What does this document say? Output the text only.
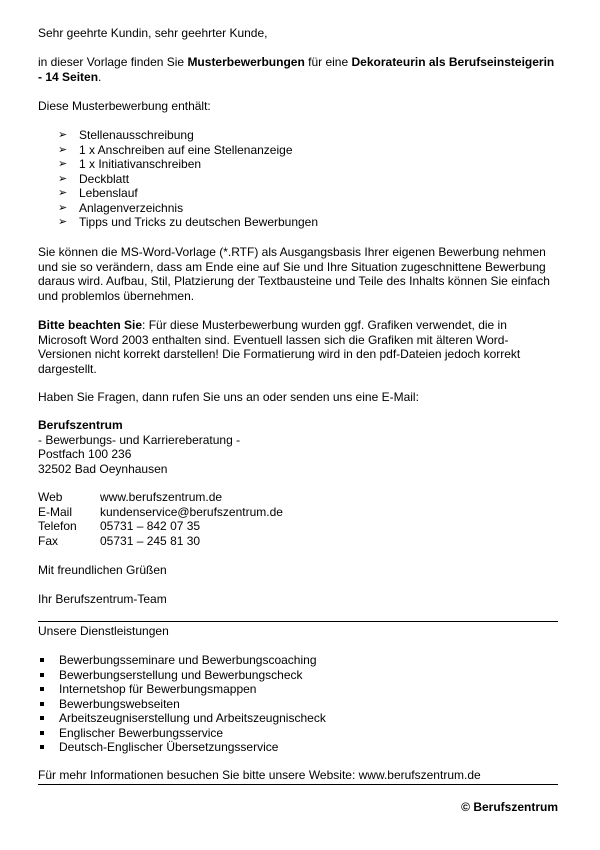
Sehr geehrte Kundin, sehr geehrter Kunde,

in dieser Vorlage finden Sie Musterbewerbungen für eine Dekorateurin als Berufseinsteigerin - 14 Seiten.

Diese Musterbewerbung enthält:

➢ Stellenausschreibung
➢ 1 x Anschreiben auf eine Stellenanzeige
➢ 1 x Initiativanschreiben
➢ Deckblatt
➢ Lebenslauf
➢ Anlagenverzeichnis
➢ Tipps und Tricks zu deutschen Bewerbungen

Sie können die MS-Word-Vorlage (*.RTF) als Ausgangsbasis Ihrer eigenen Bewerbung nehmen und sie so verändern, dass am Ende eine auf Sie und Ihre Situation zugeschnittene Bewerbung daraus wird. Aufbau, Stil, Platzierung der Textbausteine und Teile des Inhalts können Sie einfach und problemlos übernehmen.

Bitte beachten Sie: Für diese Musterbewerbung wurden ggf. Grafiken verwendet, die in Microsoft Word 2003 enthalten sind. Eventuell lassen sich die Grafiken mit älteren Word-Versionen nicht korrekt darstellen! Die Formatierung wird in den pdf-Dateien jedoch korrekt dargestellt.

Haben Sie Fragen, dann rufen Sie uns an oder senden uns eine E-Mail:

Berufszentrum
- Bewerbungs- und Karriereberatung -
Postfach 100 236
32502 Bad Oeynhausen
Web	www.berufszentrum.de
E-Mail	kundenservice@berufszentrum.de
Telefon	05731 – 842 07 35
Fax	05731 – 245 81 30

Mit freundlichen Grüßen

Ihr Berufszentrum-Team

Unsere Dienstleistungen

Bewerbungsseminare und Bewerbungscoaching
Bewerbungserstellung und Bewerbungscheck
Internetshop für Bewerbungsmappen
Bewerbungswebseiten
Arbeitszeugniserstellung und Arbeitszeugnischeck
Englischer Bewerbungsservice
Deutsch-Englischer Übersetzungsservice

Für mehr Informationen besuchen Sie bitte unsere Website: www.berufszentrum.de

© Berufszentrum
